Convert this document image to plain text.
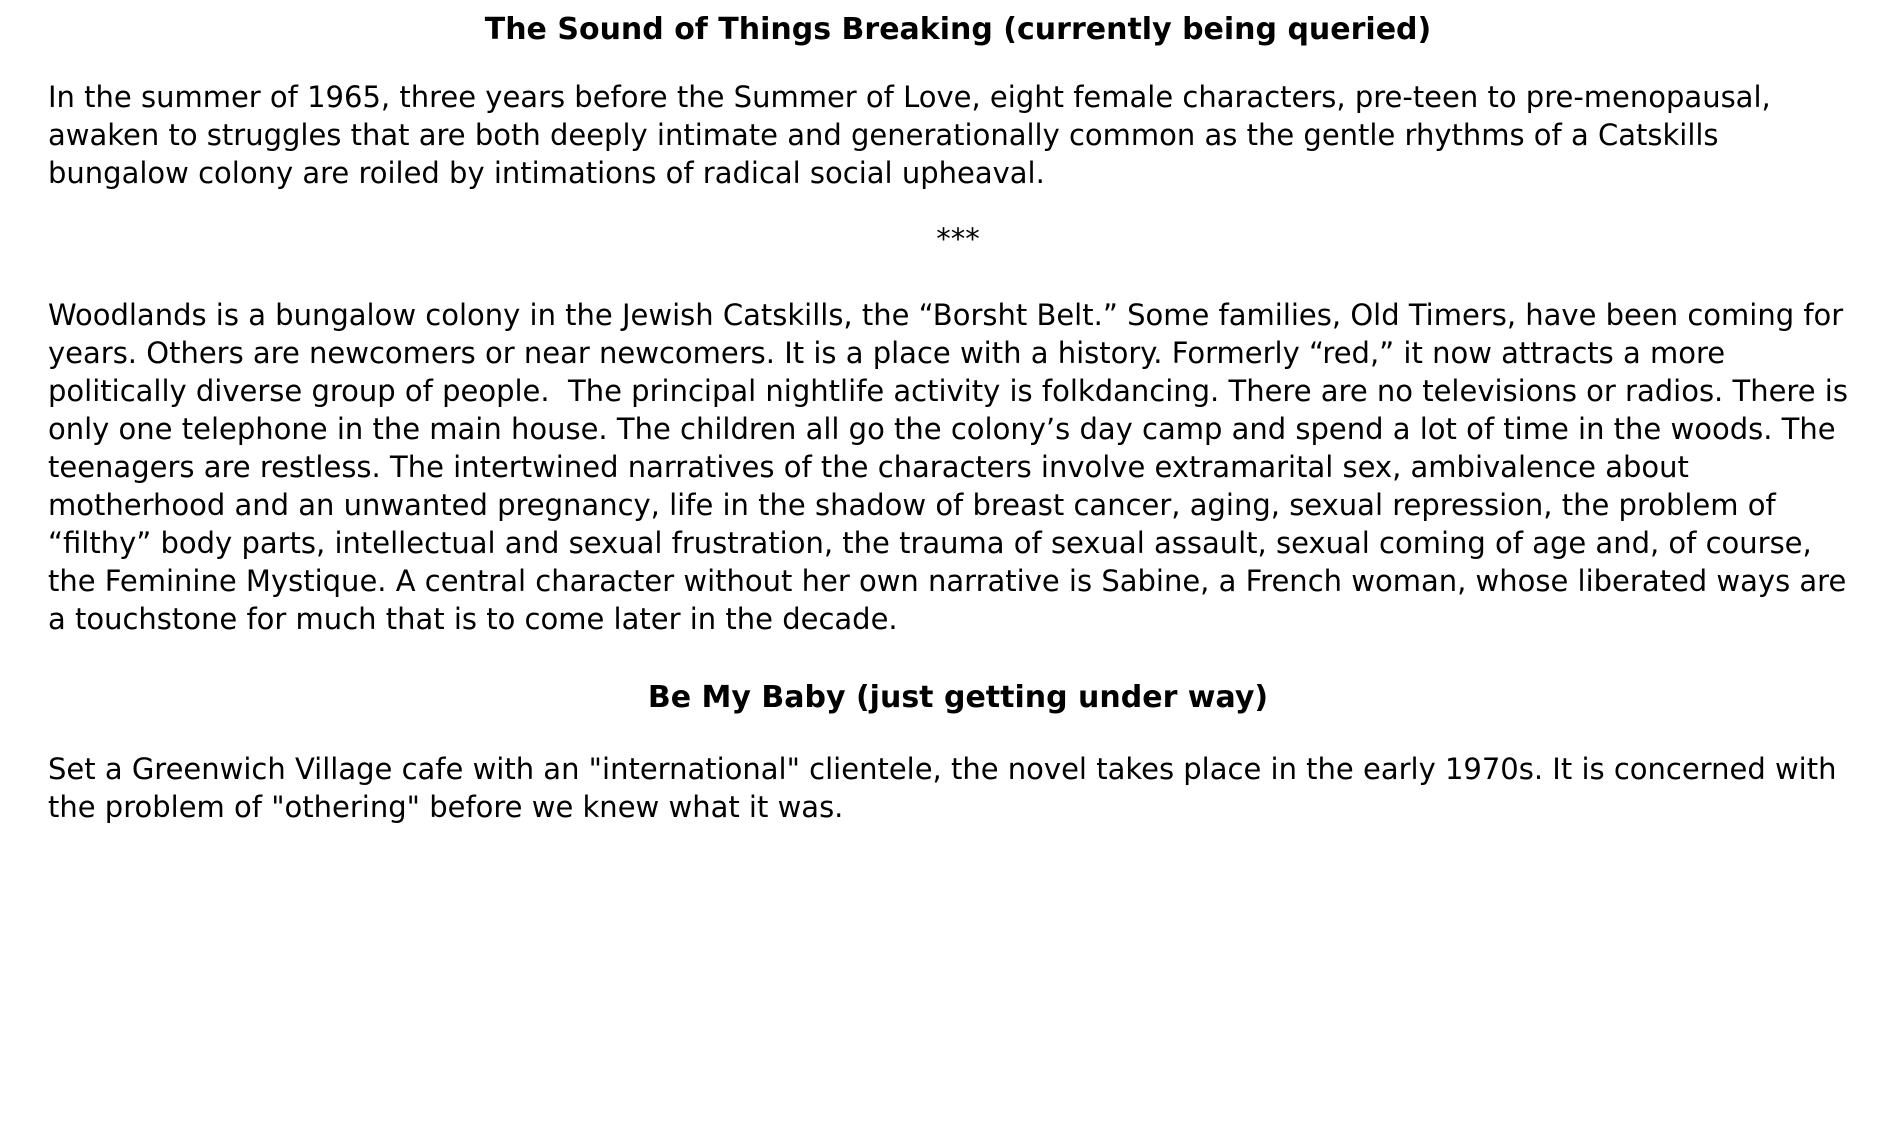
The Sound of Things Breaking (currently being queried)

In the summer of 1965, three years before the Summer of Love, eight female characters, pre-teen to pre-menopausal, awaken to struggles that are both deeply intimate and generationally common as the gentle rhythms of a Catskills bungalow colony are roiled by intimations of radical social upheaval.

***

Woodlands is a bungalow colony in the Jewish Catskills, the “Borsht Belt.” Some families, Old Timers, have been coming for years. Others are newcomers or near newcomers. It is a place with a history. Formerly “red,” it now attracts a more politically diverse group of people.  The principal nightlife activity is folkdancing. There are no televisions or radios. There is only one telephone in the main house. The children all go the colony’s day camp and spend a lot of time in the woods. The teenagers are restless. The intertwined narratives of the characters involve extramarital sex, ambivalence about motherhood and an unwanted pregnancy, life in the shadow of breast cancer, aging, sexual repression, the problem of “filthy” body parts, intellectual and sexual frustration, the trauma of sexual assault, sexual coming of age and, of course, the Feminine Mystique. A central character without her own narrative is Sabine, a French woman, whose liberated ways are a touchstone for much that is to come later in the decade.

Be My Baby (just getting under way)

Set a Greenwich Village cafe with an "international" clientele, the novel takes place in the early 1970s. It is concerned with the problem of "othering" before we knew what it was.
